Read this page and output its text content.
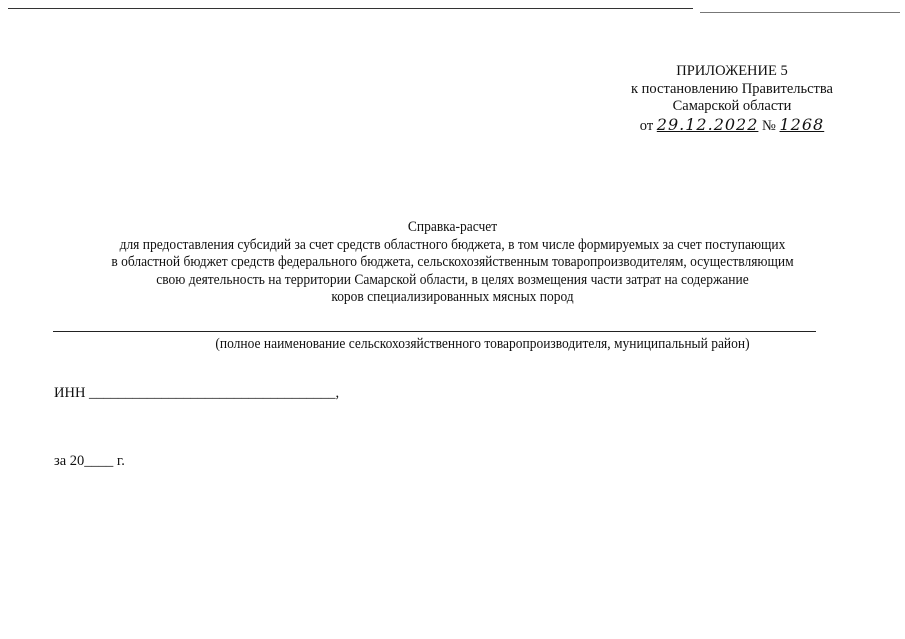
ПРИЛОЖЕНИЕ 5
к постановлению Правительства
Самарской области
от 29.12.2022 № 1268
Справка-расчет
для предоставления субсидий за счет средств областного бюджета, в том числе формируемых за счет поступающих
в областной бюджет средств федерального бюджета, сельскохозяйственным товаропроизводителям, осуществляющим
свою деятельность на территории Самарской области, в целях возмещения части затрат на содержание
коров специализированных мясных пород
(полное наименование сельскохозяйственного товаропроизводителя, муниципальный район)
ИНН __________________________________,
за 20____ г.
